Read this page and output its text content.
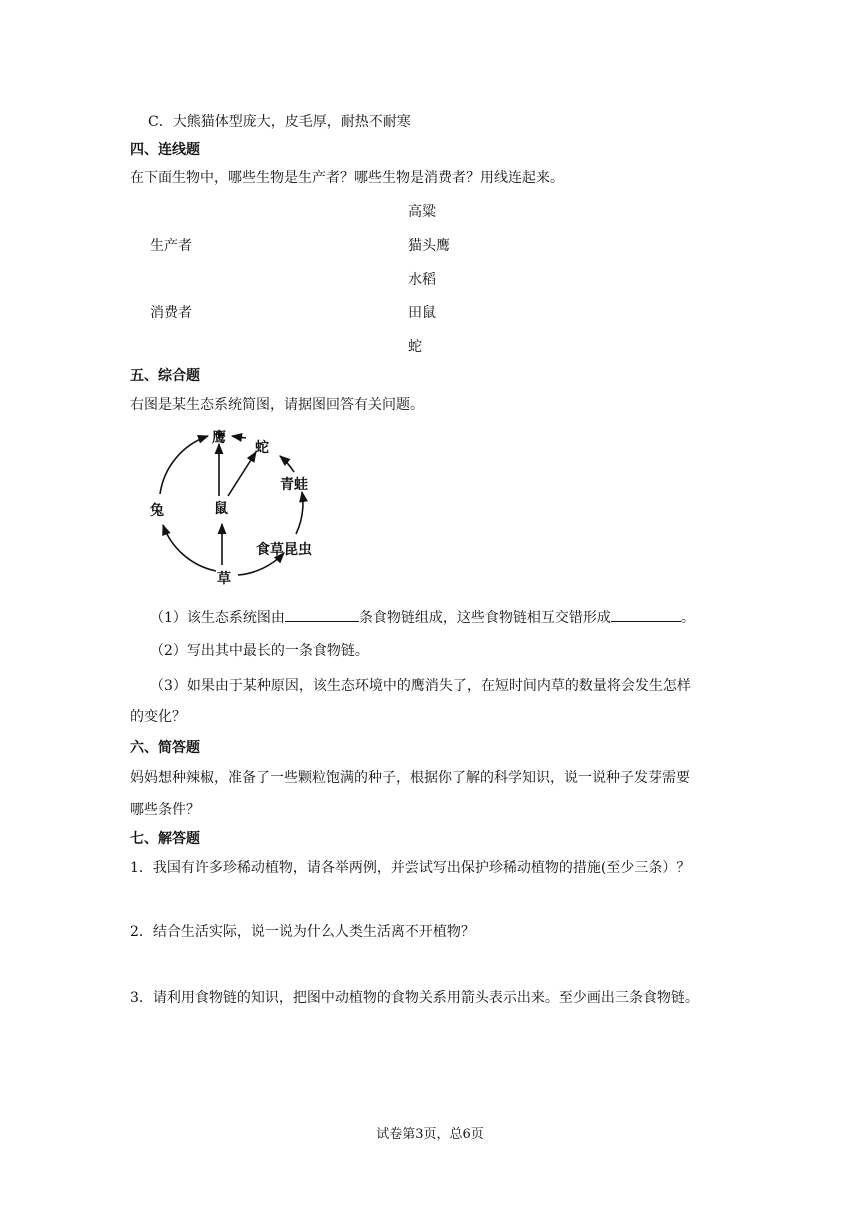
C．大熊猫体型庞大，皮毛厚，耐热不耐寒
四、连线题
在下面生物中，哪些生物是生产者？哪些生物是消费者？用线连起来。
高粱
生产者	猫头鹰
水稻
消费者	田鼠
蛇
五、综合题
右图是某生态系统简图，请据图回答有关问题。
鹰
蛇
青蛙
兔	鼠
食草昆虫
草
（1）该生态系统图由	条食物链组成，这些食物链相互交错形成	。
（2）写出其中最长的一条食物链。
（3）如果由于某种原因，该生态环境中的鹰消失了，在短时间内草的数量将会发生怎样
的变化？
六、简答题
妈妈想种辣椒，准备了一些颗粒饱满的种子，根据你了解的科学知识，说一说种子发芽需要
哪些条件？
七、解答题
1．我国有许多珍稀动植物，请各举两例，并尝试写出保护珍稀动植物的措施(至少三条）？
2．结合生活实际，说一说为什么人类生活离不开植物？
3．请利用食物链的知识，把图中动植物的食物关系用箭头表示出来。至少画出三条食物链。
试卷第3页，总6页
